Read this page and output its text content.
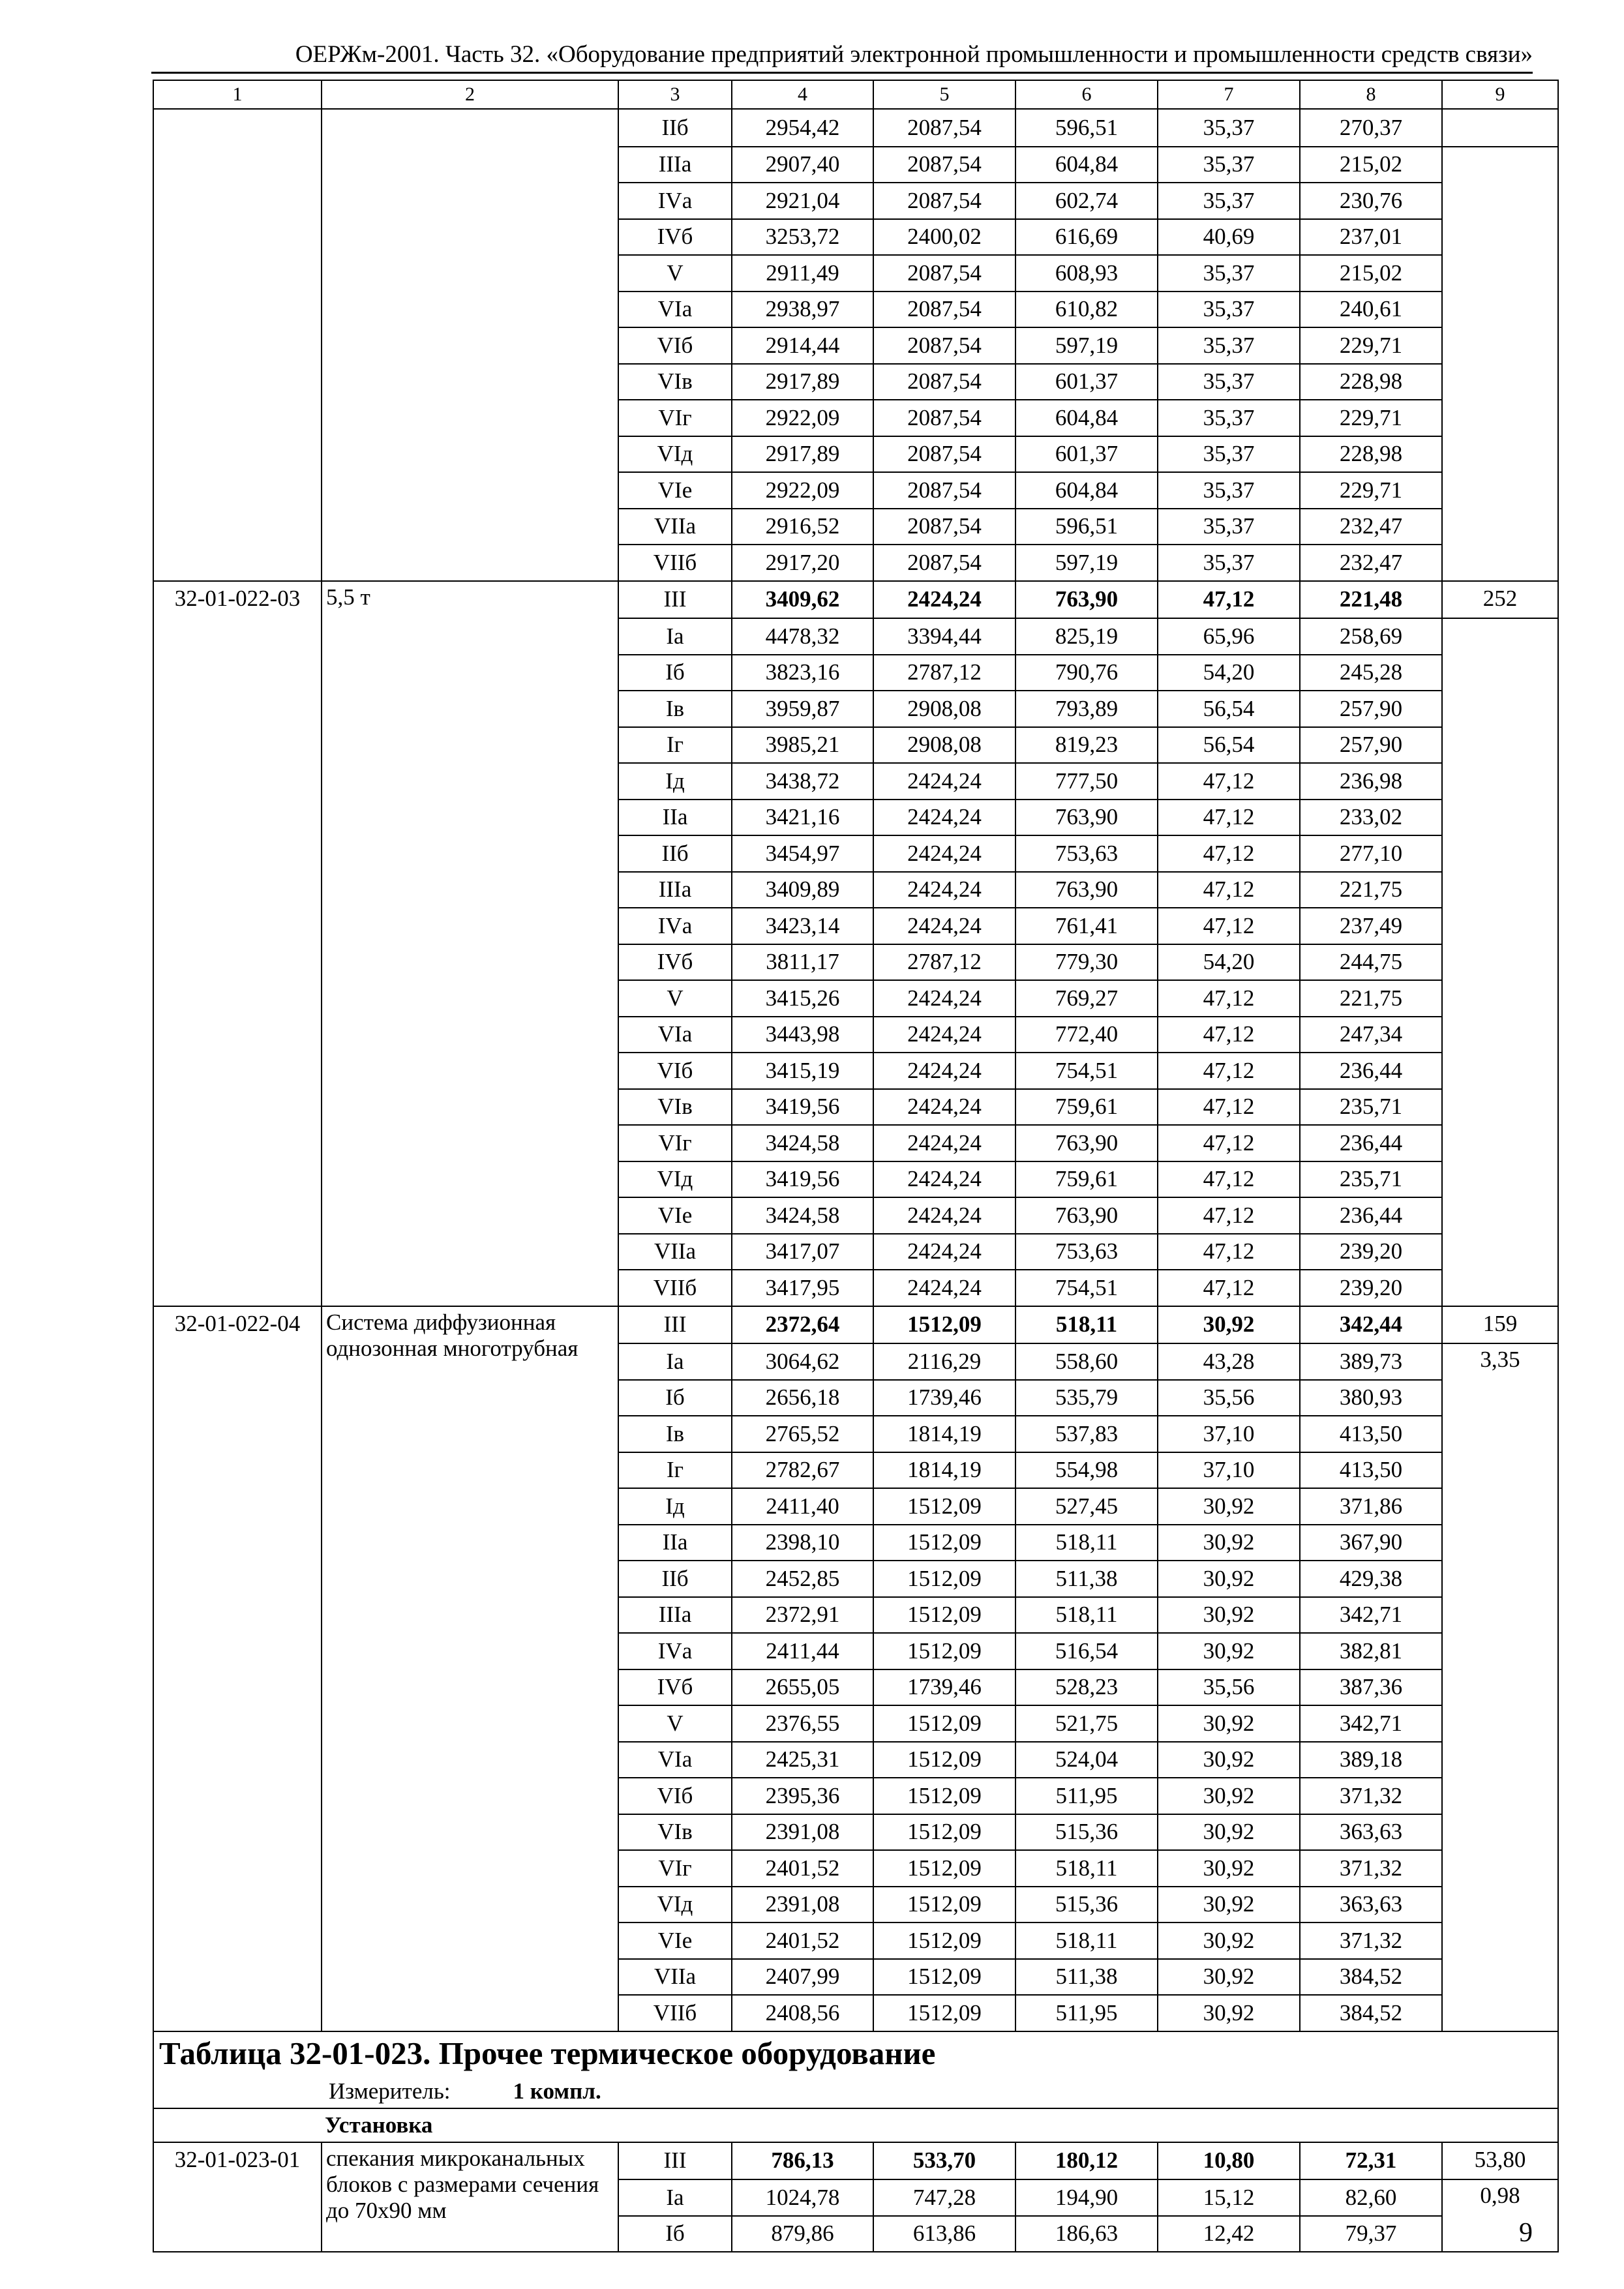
ОЕРЖм-2001. Часть 32. «Оборудование предприятий электронной промышленности и промышленности средств связи»
1	2	3	4	5	6	7	8	9
		IIб	2954,42	2087,54	596,51	35,37	270,37	
		IIIа	2907,40	2087,54	604,84	35,37	215,02	
		IVа	2921,04	2087,54	602,74	35,37	230,76	
		IVб	3253,72	2400,02	616,69	40,69	237,01	
		V	2911,49	2087,54	608,93	35,37	215,02	
		VIа	2938,97	2087,54	610,82	35,37	240,61	
		VIб	2914,44	2087,54	597,19	35,37	229,71	
		VIв	2917,89	2087,54	601,37	35,37	228,98	
		VIг	2922,09	2087,54	604,84	35,37	229,71	
		VIд	2917,89	2087,54	601,37	35,37	228,98	
		VIе	2922,09	2087,54	604,84	35,37	229,71	
		VIIа	2916,52	2087,54	596,51	35,37	232,47	
		VIIб	2917,20	2087,54	597,19	35,37	232,47	
32-01-022-03	5,5 т	III	3409,62	2424,24	763,90	47,12	221,48	252
		Iа	4478,32	3394,44	825,19	65,96	258,69	
		Iб	3823,16	2787,12	790,76	54,20	245,28	
		Iв	3959,87	2908,08	793,89	56,54	257,90	
		Iг	3985,21	2908,08	819,23	56,54	257,90	
		Iд	3438,72	2424,24	777,50	47,12	236,98	
		IIа	3421,16	2424,24	763,90	47,12	233,02	
		IIб	3454,97	2424,24	753,63	47,12	277,10	
		IIIа	3409,89	2424,24	763,90	47,12	221,75	
		IVа	3423,14	2424,24	761,41	47,12	237,49	
		IVб	3811,17	2787,12	779,30	54,20	244,75	
		V	3415,26	2424,24	769,27	47,12	221,75	
		VIа	3443,98	2424,24	772,40	47,12	247,34	
		VIб	3415,19	2424,24	754,51	47,12	236,44	
		VIв	3419,56	2424,24	759,61	47,12	235,71	
		VIг	3424,58	2424,24	763,90	47,12	236,44	
		VIд	3419,56	2424,24	759,61	47,12	235,71	
		VIе	3424,58	2424,24	763,90	47,12	236,44	
		VIIа	3417,07	2424,24	753,63	47,12	239,20	
		VIIб	3417,95	2424,24	754,51	47,12	239,20	
32-01-022-04	Система диффузионная однозонная многотрубная	III	2372,64	1512,09	518,11	30,92	342,44	159
		Iа	3064,62	2116,29	558,60	43,28	389,73	3,35
		Iб	2656,18	1739,46	535,79	35,56	380,93	
		Iв	2765,52	1814,19	537,83	37,10	413,50	
		Iг	2782,67	1814,19	554,98	37,10	413,50	
		Iд	2411,40	1512,09	527,45	30,92	371,86	
		IIа	2398,10	1512,09	518,11	30,92	367,90	
		IIб	2452,85	1512,09	511,38	30,92	429,38	
		IIIа	2372,91	1512,09	518,11	30,92	342,71	
		IVа	2411,44	1512,09	516,54	30,92	382,81	
		IVб	2655,05	1739,46	528,23	35,56	387,36	
		V	2376,55	1512,09	521,75	30,92	342,71	
		VIа	2425,31	1512,09	524,04	30,92	389,18	
		VIб	2395,36	1512,09	511,95	30,92	371,32	
		VIв	2391,08	1512,09	515,36	30,92	363,63	
		VIг	2401,52	1512,09	518,11	30,92	371,32	
		VIд	2391,08	1512,09	515,36	30,92	363,63	
		VIе	2401,52	1512,09	518,11	30,92	371,32	
		VIIа	2407,99	1512,09	511,38	30,92	384,52	
		VIIб	2408,56	1512,09	511,95	30,92	384,52	
Таблица 32-01-023. Прочее термическое оборудование								
Измеритель: 1 компл.								
Установка								
32-01-023-01	спекания микроканальных блоков с размерами сечения до 70х90 мм	III	786,13	533,70	180,12	10,80	72,31	53,80
		Iа	1024,78	747,28	194,90	15,12	82,60	0,98
		Iб	879,86	613,86	186,63	12,42	79,37		9
